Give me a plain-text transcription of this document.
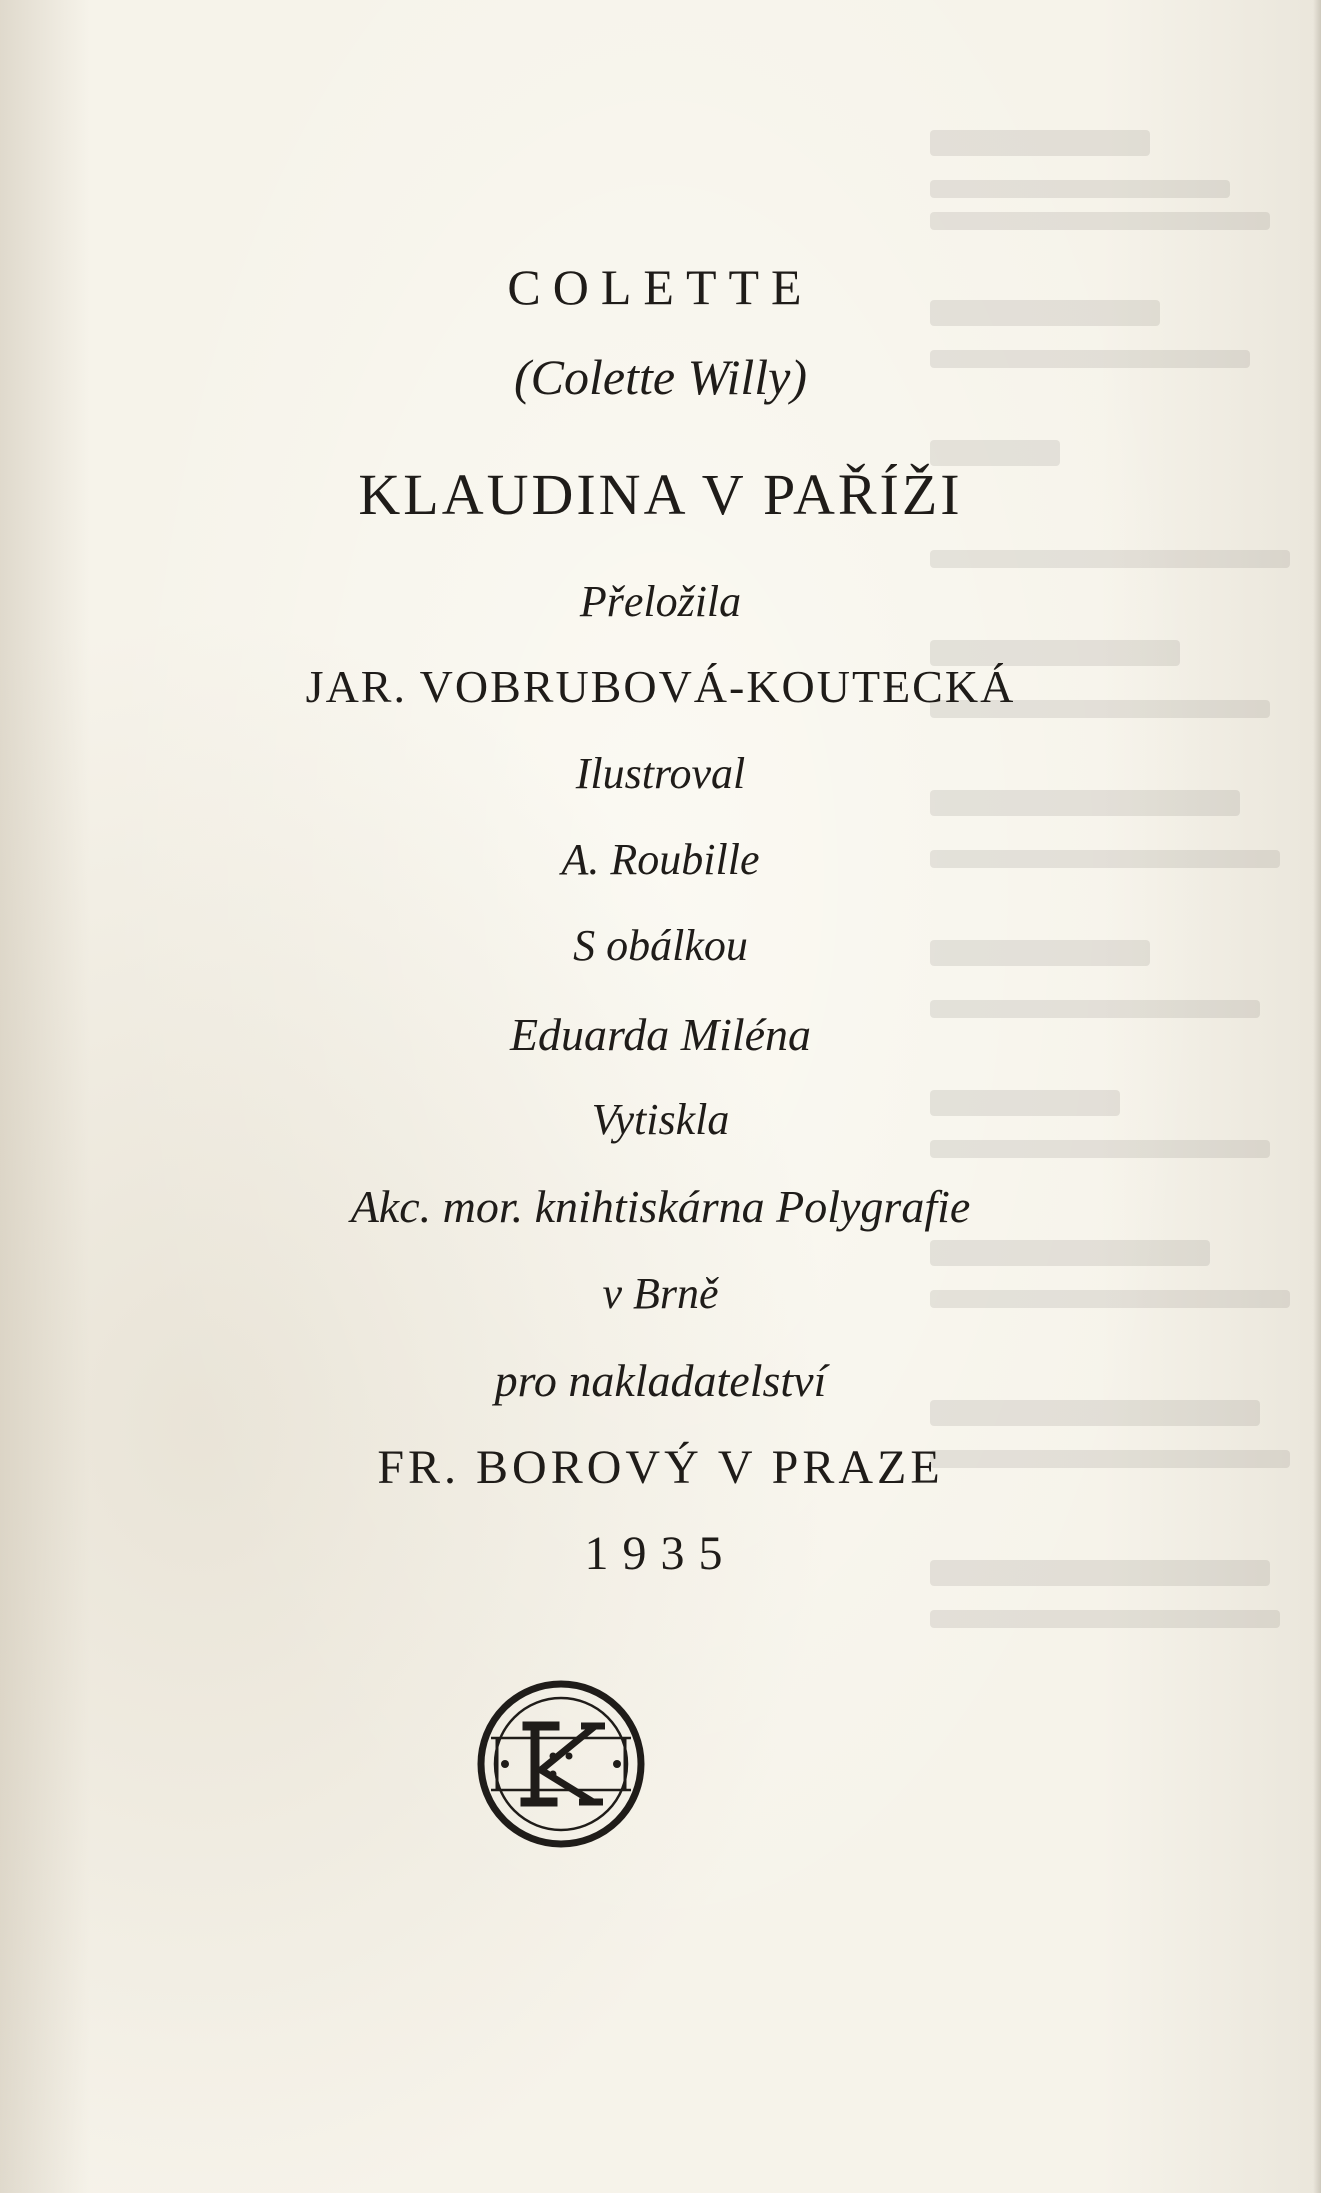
COLETTE
(Colette Willy)
KLAUDINA V PAŘÍŽI
Přeložila
JAR. VOBRUBOVÁ-KOUTECKÁ
Ilustroval
A. Roubille
S obálkou
Eduarda Miléna
Vytiskla
Akc. mor. knihtiskárna Polygrafie
v Brně
pro nakladatelství
FR. BOROVÝ V PRAZE
1935
